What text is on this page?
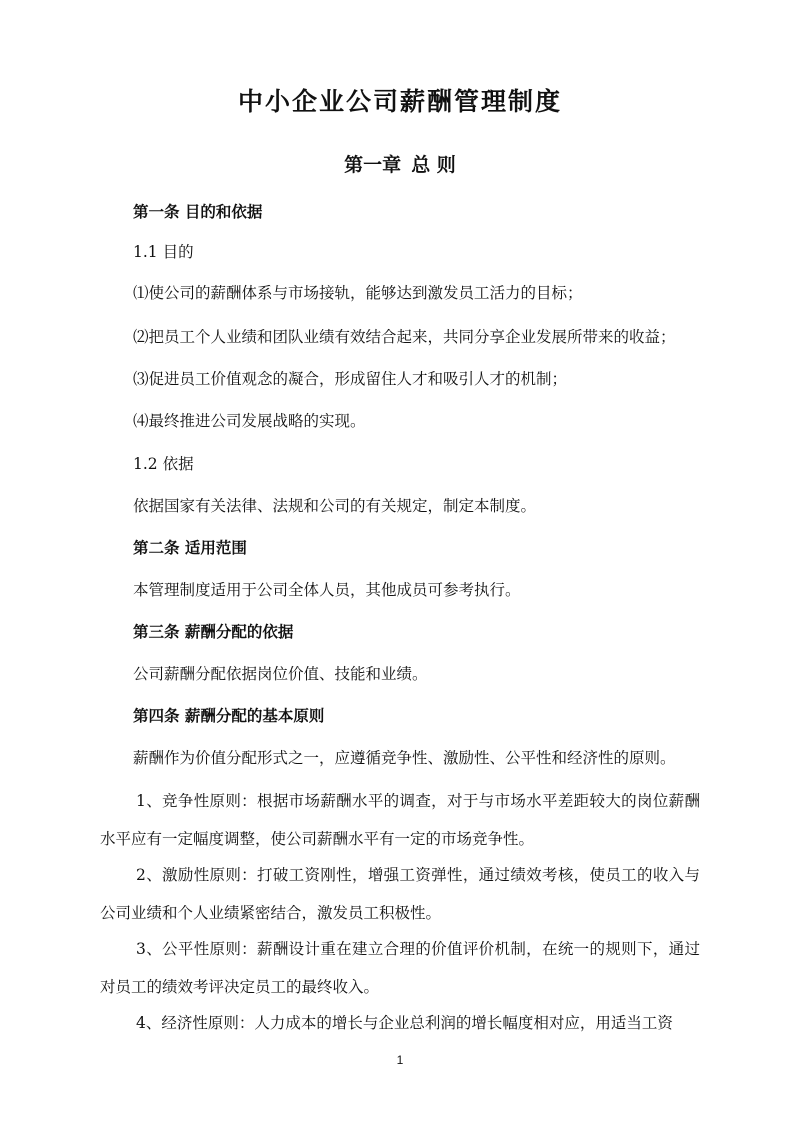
中小企业公司薪酬管理制度
第一章 总 则
第一条 目的和依据
1.1 目的
⑴使公司的薪酬体系与市场接轨，能够达到激发员工活力的目标；
⑵把员工个人业绩和团队业绩有效结合起来，共同分享企业发展所带来的收益；
⑶促进员工价值观念的凝合，形成留住人才和吸引人才的机制；
⑷最终推进公司发展战略的实现。
1.2 依据
依据国家有关法律、法规和公司的有关规定，制定本制度。
第二条 适用范围
本管理制度适用于公司全体人员，其他成员可参考执行。
第三条 薪酬分配的依据
公司薪酬分配依据岗位价值、技能和业绩。
第四条 薪酬分配的基本原则
薪酬作为价值分配形式之一，应遵循竞争性、激励性、公平性和经济性的原则。
1、竞争性原则：根据市场薪酬水平的调查，对于与市场水平差距较大的岗位薪酬水平应有一定幅度调整，使公司薪酬水平有一定的市场竞争性。
2、激励性原则：打破工资刚性，增强工资弹性，通过绩效考核，使员工的收入与公司业绩和个人业绩紧密结合，激发员工积极性。
3、公平性原则：薪酬设计重在建立合理的价值评价机制，在统一的规则下，通过对员工的绩效考评决定员工的最终收入。
4、经济性原则：人力成本的增长与企业总利润的增长幅度相对应，用适当工资
1
